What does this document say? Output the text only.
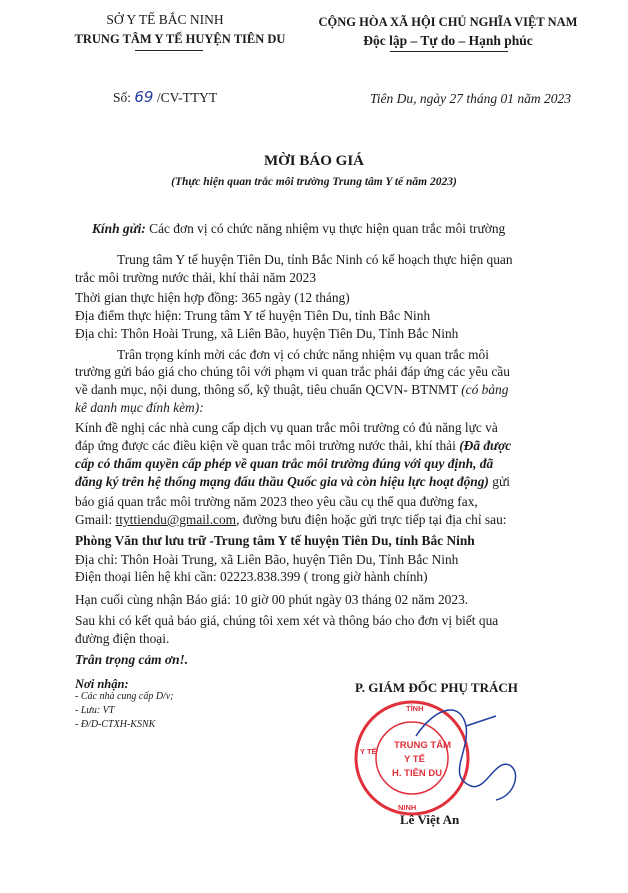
SỞ Y TẾ BẮC NINH
TRUNG TÂM Y TẾ HUYỆN TIÊN DU
CỘNG HÒA XÃ HỘI CHỦ NGHĨA VIỆT NAM
Độc lập – Tự do – Hạnh phúc
Số: 69 /CV-TTYT	Tiên Du, ngày 27 tháng 01 năm 2023
MỜI BÁO GIÁ
(Thực hiện quan trắc môi trường Trung tâm Y tế năm 2023)
Kính gửi: Các đơn vị có chức năng nhiệm vụ thực hiện quan trắc môi trường
Trung tâm Y tế huyện Tiên Du, tỉnh Bắc Ninh có kế hoạch thực hiện quan
trắc môi trường nước thải, khí thải năm 2023
Thời gian thực hiện hợp đồng: 365 ngày (12 tháng)
Địa điểm thực hiện: Trung tâm Y tế huyện Tiên Du, tỉnh Bắc Ninh
Địa chỉ: Thôn Hoài Trung, xã Liên Bão, huyện Tiên Du, Tỉnh Bắc Ninh
Trân trọng kính mời các đơn vị có chức năng nhiệm vụ quan trắc môi
trường gửi báo giá cho chúng tôi với phạm vi quan trắc phải đáp ứng các yêu cầu
về danh mục, nội dung, thông số, kỹ thuật, tiêu chuẩn QCVN- BTNMT (có bảng
kê danh mục đính kèm):
Kính đề nghị các nhà cung cấp dịch vụ quan trắc môi trường có đủ năng lực và
đáp ứng được các điều kiện về quan trắc môi trường nước thải, khí thải (Đã được
cấp có thẩm quyền cấp phép về quan trắc môi trường đúng với quy định, đã
đăng ký trên hệ thống mạng đấu thầu Quốc gia và còn hiệu lực hoạt động) gửi
báo giá quan trắc môi trường năm 2023 theo yêu cầu cụ thể qua đường fax,
Gmail: ttyttiendu@gmail.com, đường bưu điện hoặc gửi trực tiếp tại địa chỉ sau:
Phòng Văn thư lưu trữ -Trung tâm Y tế huyện Tiên Du, tỉnh Bắc Ninh
Địa chỉ: Thôn Hoài Trung, xã Liên Bão, huyện Tiên Du, Tỉnh Bắc Ninh
Điện thoại liên hệ khi cần: 02223.838.399 ( trong giờ hành chính)
Hạn cuối cùng nhận Báo giá: 10 giờ 00 phút ngày 03 tháng 02 năm 2023.
Sau khi có kết quả báo giá, chúng tôi xem xét và thông báo cho đơn vị biết qua
đường điện thoại.
Trân trọng cảm ơn!.
Nơi nhận:
- Các nhà cung cấp D/v;
- Lưu: VT
- Đ/D-CTXH-KSNK
P. GIÁM ĐỐC PHỤ TRÁCH
TRUNG TÂM
Y TẾ
H. TIÊN DU
TỈNH
Y TẾ
NINH
Lê Việt An
